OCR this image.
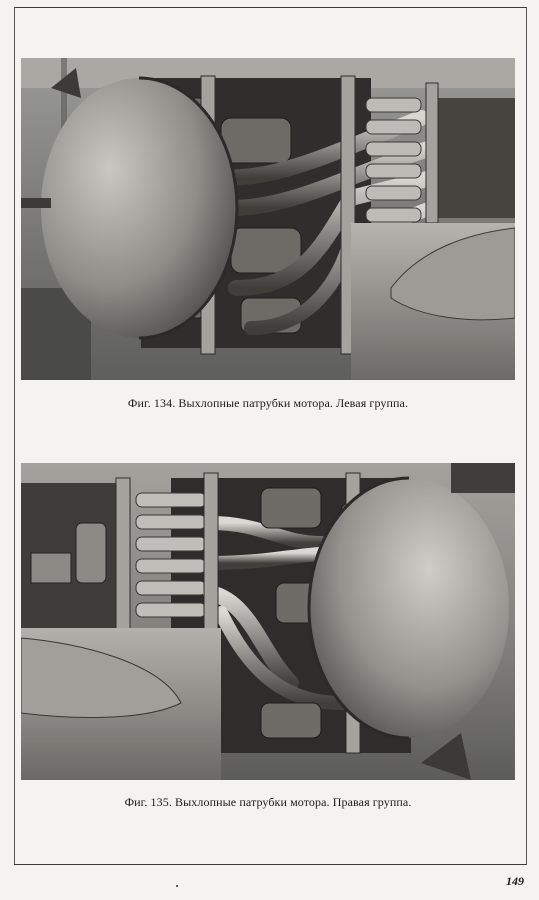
Фиг. 134. Выхлопные патрубки мотора. Левая группа.
Фиг. 135. Выхлопные патрубки мотора. Правая группа.
149
